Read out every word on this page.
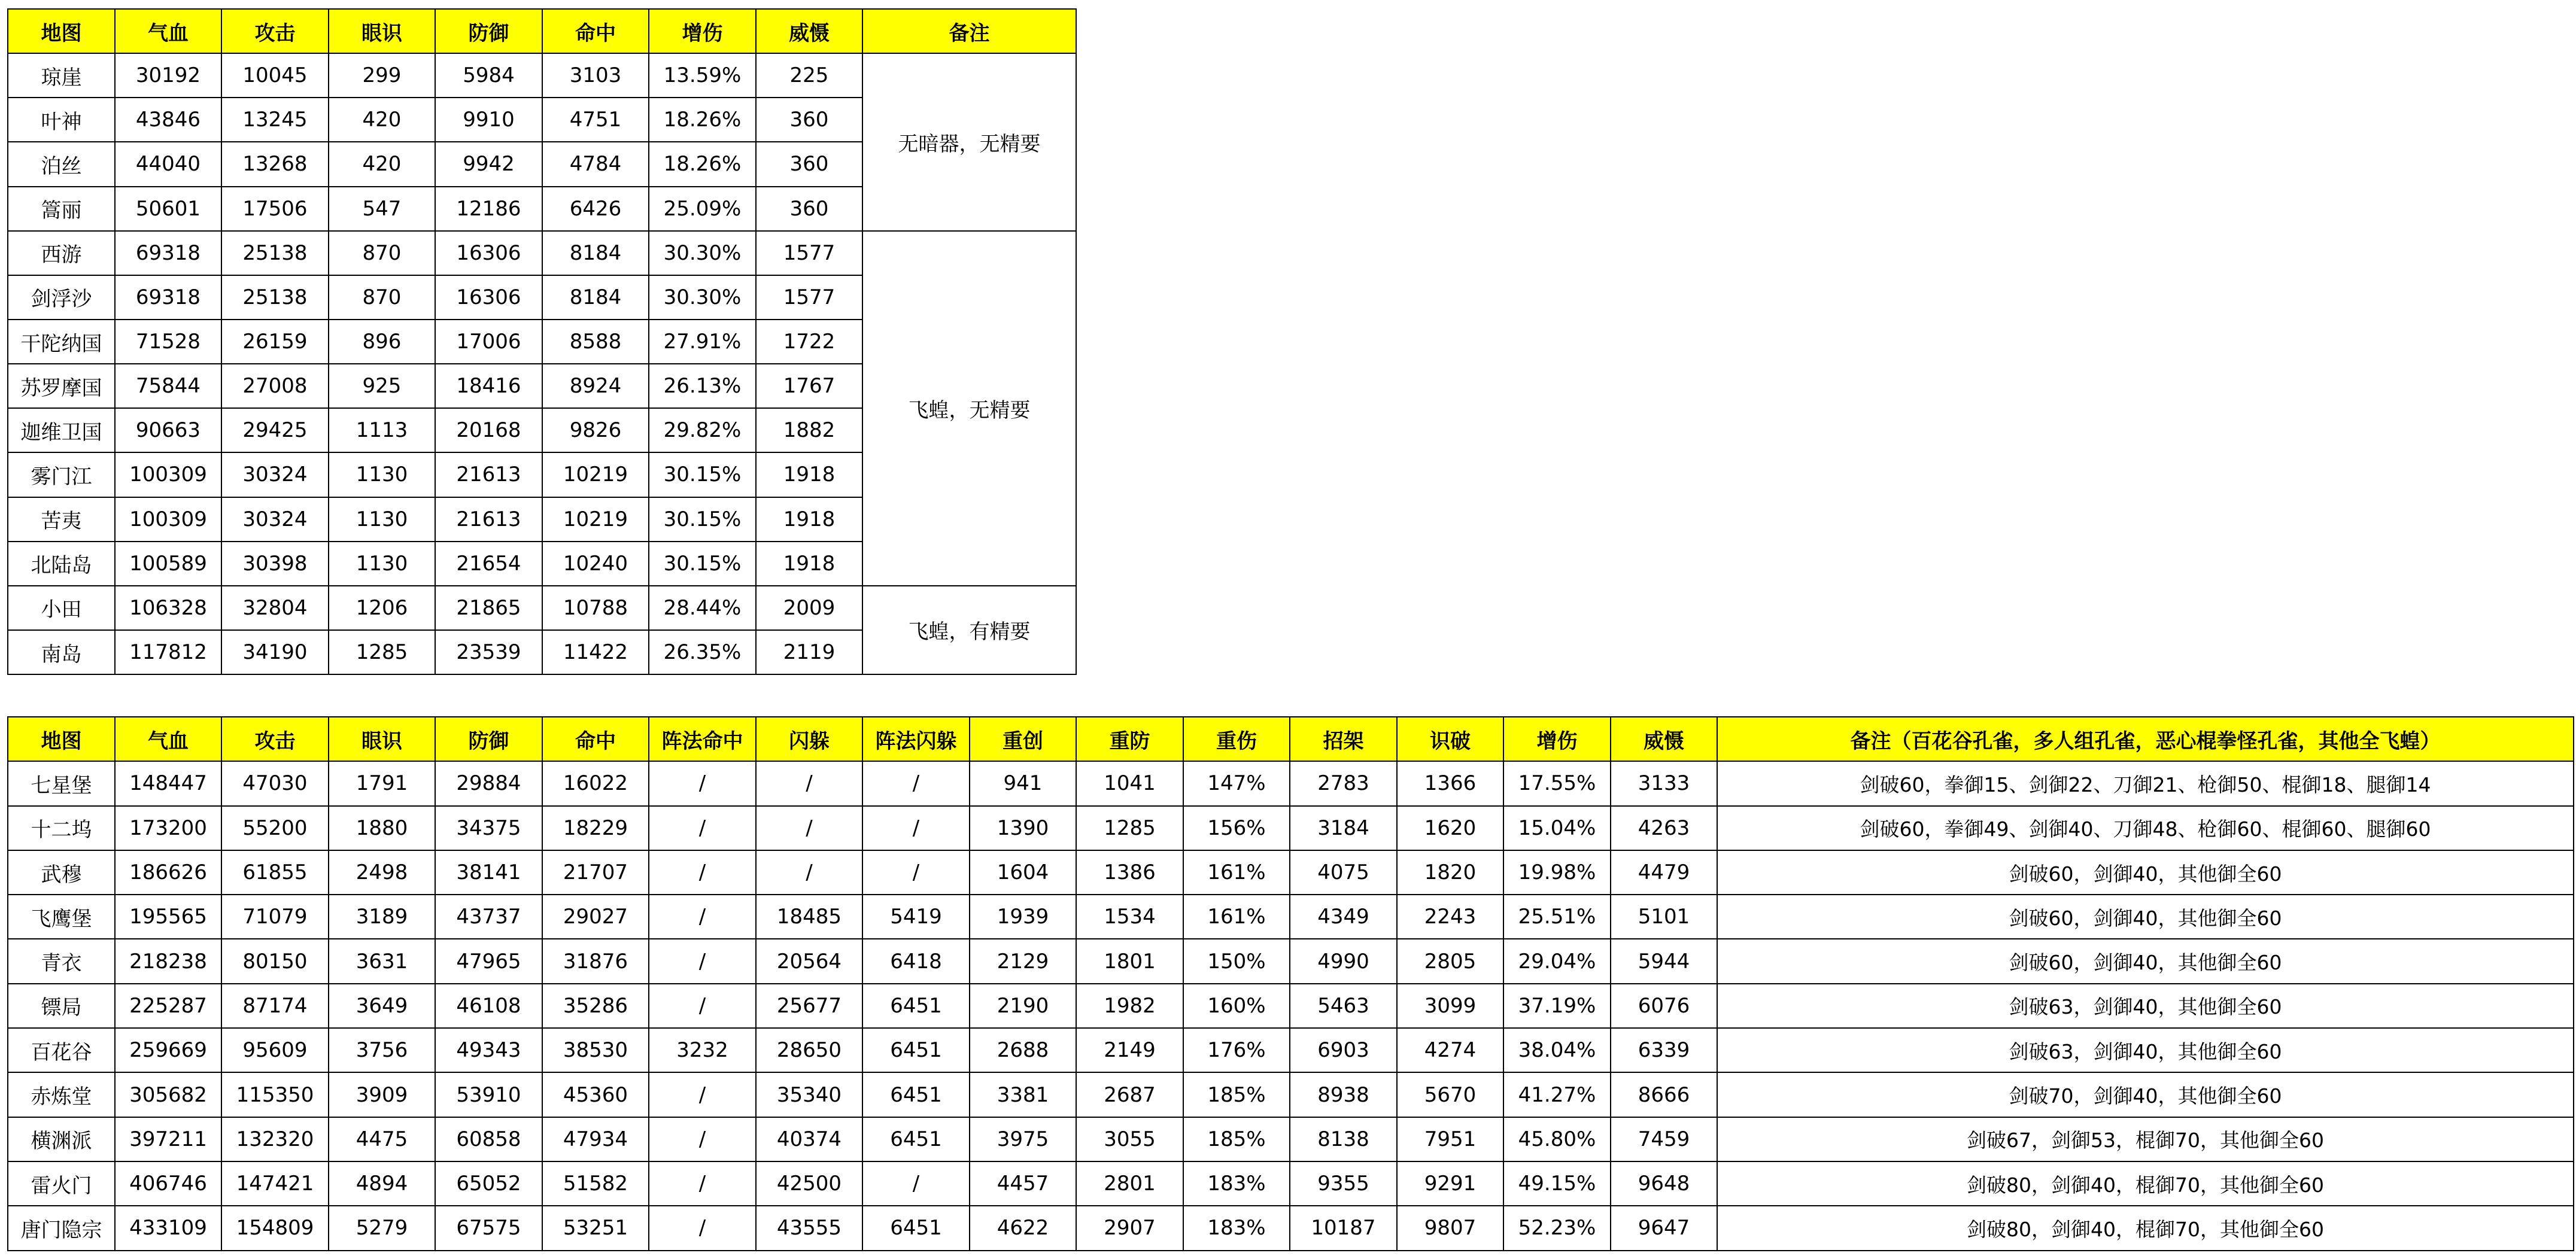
地图	气血	攻击	眼识	防御	命中	增伤	威慑	备注
琼崖	30192	10045	299	5984	3103	13.59%	225	无暗器，无精要
叶神	43846	13245	420	9910	4751	18.26%	360	
泊丝	44040	13268	420	9942	4784	18.26%	360	
篙丽	50601	17506	547	12186	6426	25.09%	360	
西游	69318	25138	870	16306	8184	30.30%	1577	飞蝗，无精要
剑浮沙	69318	25138	870	16306	8184	30.30%	1577	
干陀纳国	71528	26159	896	17006	8588	27.91%	1722	
苏罗摩国	75844	27008	925	18416	8924	26.13%	1767	
迦维卫国	90663	29425	1113	20168	9826	29.82%	1882	
雾门江	100309	30324	1130	21613	10219	30.15%	1918	
苦夷	100309	30324	1130	21613	10219	30.15%	1918	
北陆岛	100589	30398	1130	21654	10240	30.15%	1918	
小田	106328	32804	1206	21865	10788	28.44%	2009	飞蝗，有精要
南岛	117812	34190	1285	23539	11422	26.35%	2119	
地图	气血	攻击	眼识	防御	命中	阵法命中	闪躲	阵法闪躲	重创	重防	重伤	招架	识破	增伤	威慑	备注（百花谷孔雀，多人组孔雀，恶心棍拳怪孔雀，其他全飞蝗）
七星堡	148447	47030	1791	29884	16022	/	/	/	941	1041	147%	2783	1366	17.55%	3133	剑破60，拳御15、剑御22、刀御21、枪御50、棍御18、腿御14
十二坞	173200	55200	1880	34375	18229	/	/	/	1390	1285	156%	3184	1620	15.04%	4263	剑破60，拳御49、剑御40、刀御48、枪御60、棍御60、腿御60
武穆	186626	61855	2498	38141	21707	/	/	/	1604	1386	161%	4075	1820	19.98%	4479	剑破60，剑御40，其他御全60
飞鹰堡	195565	71079	3189	43737	29027	/	18485	5419	1939	1534	161%	4349	2243	25.51%	5101	剑破60，剑御40，其他御全60
青衣	218238	80150	3631	47965	31876	/	20564	6418	2129	1801	150%	4990	2805	29.04%	5944	剑破60，剑御40，其他御全60
镖局	225287	87174	3649	46108	35286	/	25677	6451	2190	1982	160%	5463	3099	37.19%	6076	剑破63，剑御40，其他御全60
百花谷	259669	95609	3756	49343	38530	3232	28650	6451	2688	2149	176%	6903	4274	38.04%	6339	剑破63，剑御40，其他御全60
赤炼堂	305682	115350	3909	53910	45360	/	35340	6451	3381	2687	185%	8938	5670	41.27%	8666	剑破70，剑御40，其他御全60
横渊派	397211	132320	4475	60858	47934	/	40374	6451	3975	3055	185%	8138	7951	45.80%	7459	剑破67，剑御53，棍御70，其他御全60
雷火门	406746	147421	4894	65052	51582	/	42500	/	4457	2801	183%	9355	9291	49.15%	9648	剑破80，剑御40，棍御70，其他御全60
唐门隐宗	433109	154809	5279	67575	53251	/	43555	6451	4622	2907	183%	10187	9807	52.23%	9647	剑破80，剑御40，棍御70，其他御全60
